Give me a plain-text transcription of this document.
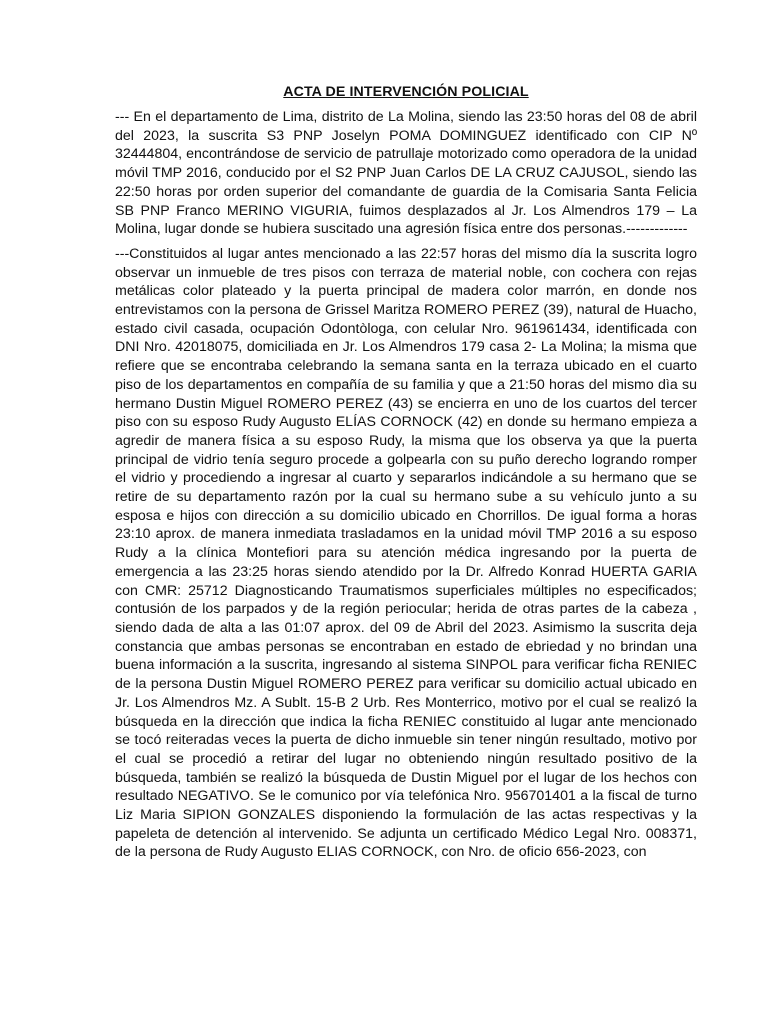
ACTA DE INTERVENCIÓN POLICIAL

--- En el departamento de Lima, distrito de La Molina, siendo las 23:50 horas del 08 de abril del 2023, la suscrita S3 PNP Joselyn POMA DOMINGUEZ identificado con CIP Nº 32444804, encontrándose de servicio de patrullaje motorizado como operadora de la unidad móvil TMP 2016, conducido por el S2 PNP Juan Carlos DE LA CRUZ CAJUSOL, siendo las 22:50 horas por orden superior del comandante de guardia de la Comisaria Santa Felicia SB PNP Franco MERINO VIGURIA, fuimos desplazados al Jr. Los Almendros 179 – La Molina, lugar donde se hubiera suscitado una agresión física entre dos personas.-------------

---Constituidos al lugar antes mencionado a las 22:57 horas del mismo día la suscrita logro observar un inmueble de tres pisos con terraza de material noble, con cochera con rejas metálicas color plateado y la puerta principal de madera color marrón, en donde nos entrevistamos con la persona de Grissel Maritza ROMERO PEREZ (39), natural de Huacho, estado civil casada, ocupación Odontòloga, con celular Nro. 961961434, identificada con DNI Nro. 42018075, domiciliada en Jr. Los Almendros 179 casa 2- La Molina; la misma que refiere que se encontraba celebrando la semana santa en la terraza ubicado en el cuarto piso de los departamentos en compañía de su familia y que a 21:50 horas del mismo dìa su hermano Dustin Miguel ROMERO PEREZ (43) se encierra en uno de los cuartos del tercer piso con su esposo Rudy Augusto ELÍAS CORNOCK (42) en donde su hermano empieza a agredir de manera física a su esposo Rudy, la misma que los observa ya que la puerta principal de vidrio tenía seguro procede a golpearla con su puño derecho logrando romper el vidrio y procediendo a ingresar al cuarto y separarlos indicándole a su hermano que se retire de su departamento razón por la cual su hermano sube a su vehículo junto a su esposa e hijos con dirección a su domicilio ubicado en Chorrillos. De igual forma a horas 23:10 aprox. de manera inmediata trasladamos en la unidad móvil TMP 2016 a su esposo Rudy a la clínica Montefiori para su atención médica ingresando por la puerta de emergencia a las 23:25 horas siendo atendido por la Dr. Alfredo Konrad HUERTA GARIA con CMR: 25712 Diagnosticando Traumatismos superficiales múltiples no especificados; contusión de los parpados y de la región periocular; herida de otras partes de la cabeza , siendo dada de alta a las 01:07 aprox. del 09 de Abril del 2023. Asimismo la suscrita deja constancia que ambas personas se encontraban en estado de ebriedad y no brindan una buena información a la suscrita, ingresando al sistema SINPOL para verificar ficha RENIEC de la persona Dustin Miguel ROMERO PEREZ para verificar su domicilio actual ubicado en Jr. Los Almendros Mz. A Sublt. 15-B 2 Urb. Res Monterrico, motivo por el cual se realizó la búsqueda en la dirección que indica la ficha RENIEC constituido al lugar ante mencionado se tocó reiteradas veces la puerta de dicho inmueble sin tener ningún resultado, motivo por el cual se procedió a retirar del lugar no obteniendo ningún resultado positivo de la búsqueda, también se realizó la búsqueda de Dustin Miguel por el lugar de los hechos con resultado NEGATIVO. Se le comunico por vía telefónica Nro. 956701401 a la fiscal de turno Liz Maria SIPION GONZALES disponiendo la formulación de las actas respectivas y la papeleta de detención al intervenido. Se adjunta un certificado Médico Legal Nro. 008371, de la persona de Rudy Augusto ELIAS CORNOCK, con Nro. de oficio 656-2023, con
